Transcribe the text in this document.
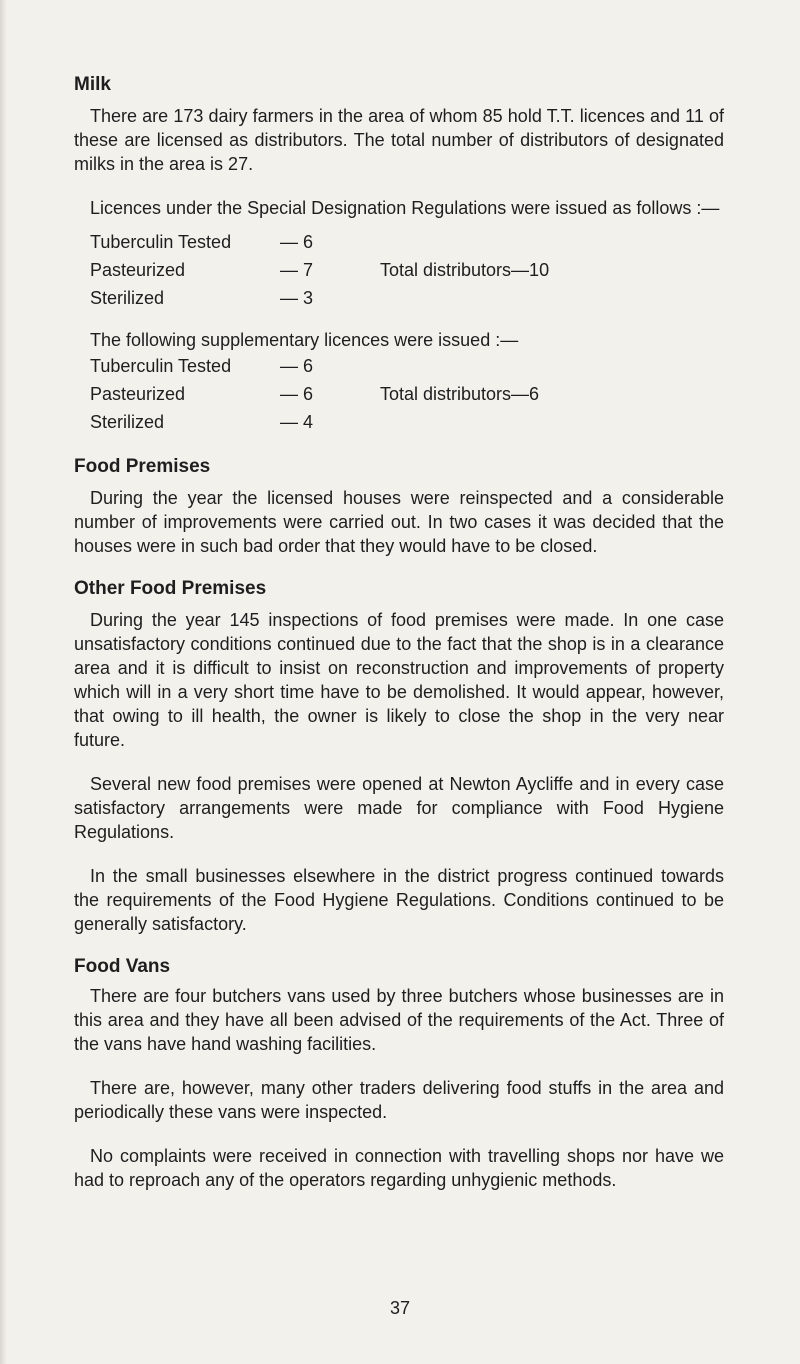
Milk

There are 173 dairy farmers in the area of whom 85 hold T.T. licences and 11 of these are licensed as distributors. The total number of distributors of designated milks in the area is 27.

Licences under the Special Designation Regulations were issued as follows :—

Tuberculin Tested	— 6
Pasteurized	— 7	Total distributors—10
Sterilized	— 3

The following supplementary licences were issued :—

Tuberculin Tested	— 6
Pasteurized	— 6	Total distributors—6
Sterilized	— 4
Food Premises

During the year the licensed houses were reinspected and a considerable number of improvements were carried out. In two cases it was decided that the houses were in such bad order that they would have to be closed.

Other Food Premises

During the year 145 inspections of food premises were made. In one case unsatisfactory conditions continued due to the fact that the shop is in a clearance area and it is difficult to insist on reconstruction and improvements of property which will in a very short time have to be demolished. It would appear, however, that owing to ill health, the owner is likely to close the shop in the very near future.

Several new food premises were opened at Newton Aycliffe and in every case satisfactory arrangements were made for compliance with Food Hygiene Regulations.

In the small businesses elsewhere in the district progress continued towards the requirements of the Food Hygiene Regulations. Conditions continued to be generally satisfactory.

Food Vans

There are four butchers vans used by three butchers whose businesses are in this area and they have all been advised of the requirements of the Act. Three of the vans have hand washing facilities.

There are, however, many other traders delivering food stuffs in the area and periodically these vans were inspected.

No complaints were received in connection with travelling shops nor have we had to reproach any of the operators regarding unhygienic methods.

37
